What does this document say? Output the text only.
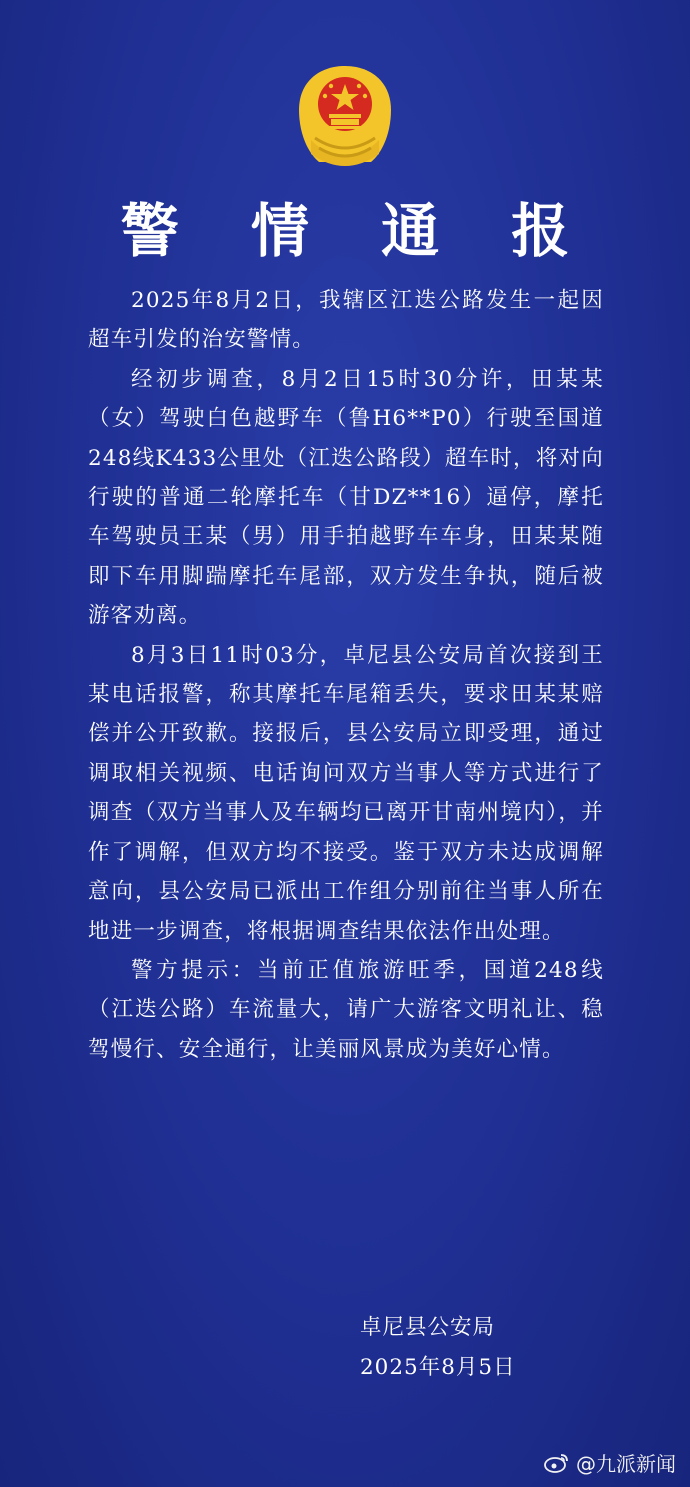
警 情 通 报

2025年8月2日，我辖区江迭公路发生一起因超车引发的治安警情。

经初步调查，8月2日15时30分许，田某某（女）驾驶白色越野车（鲁H6**P0）行驶至国道248线K433公里处（江迭公路段）超车时，将对向行驶的普通二轮摩托车（甘DZ**16）逼停，摩托车驾驶员王某（男）用手拍越野车车身，田某某随即下车用脚踹摩托车尾部，双方发生争执，随后被游客劝离。

8月3日11时03分，卓尼县公安局首次接到王某电话报警，称其摩托车尾箱丢失，要求田某某赔偿并公开致歉。接报后，县公安局立即受理，通过调取相关视频、电话询问双方当事人等方式进行了调查（双方当事人及车辆均已离开甘南州境内），并作了调解，但双方均不接受。鉴于双方未达成调解意向，县公安局已派出工作组分别前往当事人所在地进一步调查，将根据调查结果依法作出处理。

警方提示：当前正值旅游旺季，国道248线（江迭公路）车流量大，请广大游客文明礼让、稳驾慢行、安全通行，让美丽风景成为美好心情。

卓尼县公安局
2025年8月5日
@九派新闻
